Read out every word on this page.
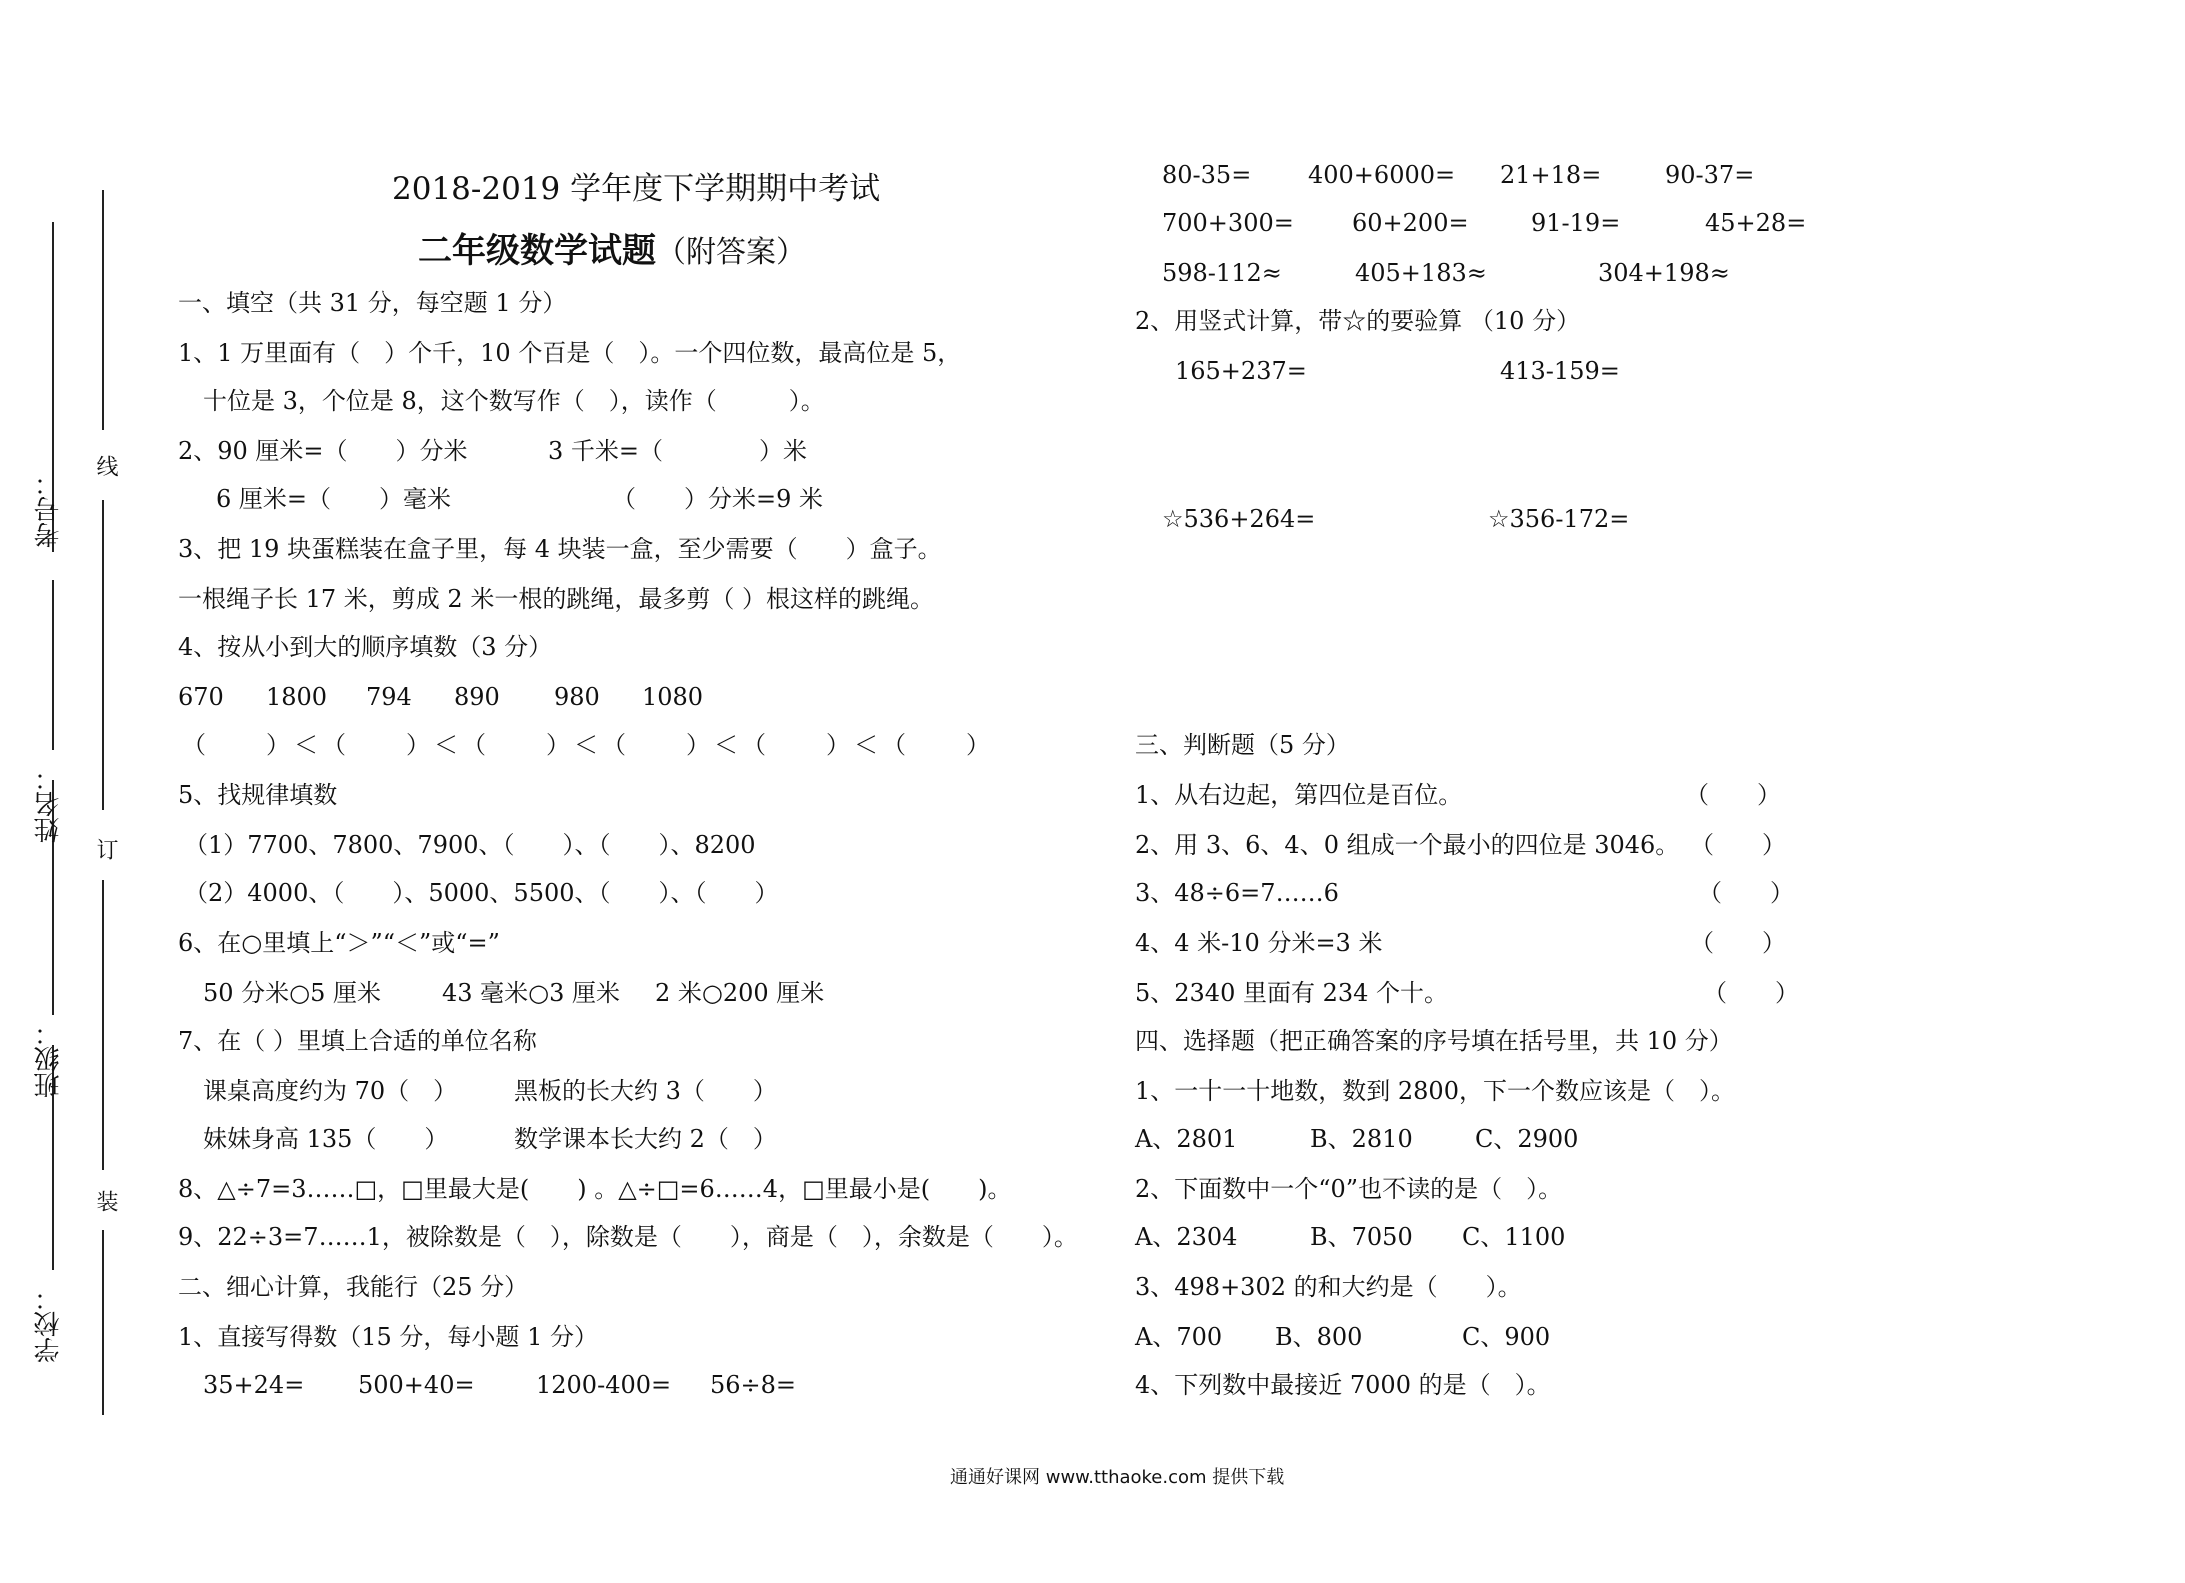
考号：
姓名：
班级：
学校：
线
订
装
2018-2019 学年度下学期期中考试
二年级数学试题（附答案）
一、填空（共 31 分，每空题 1 分）
1、1 万里面有（　）个千，10 个百是（　）。一个四位数，最高位是 5，
十位是 3，个位是 8，这个数写作（　），读作（　　　）。
2、90 厘米=（　　）分米	3 千米=（　　　　）米
6 厘米=（　　）毫米	（　　）分米=9 米
3、把 19 块蛋糕装在盒子里，每 4 块装一盒，至少需要（　　）盒子。
一根绳子长 17 米，剪成 2 米一根的跳绳，最多剪（ ）根这样的跳绳。
4、按从小到大的顺序填数（3 分）
670 1800 794 890 980 1080
（　　）＜（　　）＜（　　）＜（　　）＜（　　）＜（　　）
5、找规律填数
（1）7700、7800、7900、（　　）、（　　）、8200
（2）4000、（　　）、5000、5500、（　　）、（　　）
6、在○里填上“＞”“＜”或“=”
50 分米○5 厘米	43 毫米○3 厘米 2 米○200 厘米
7、在（ ）里填上合适的单位名称
课桌高度约为 70（　） 黑板的长大约 3（　　）
妹妹身高 135（　　）	数学课本长大约 2（　）
8、△÷7=3……□，□里最大是(　　) 。△÷□=6……4，□里最小是(　　)。
9、22÷3=7……1，被除数是（　），除数是（　　），商是（　），余数是（　　）。
二、细心计算，我能行（25 分）
1、直接写得数（15 分，每小题 1 分）
35+24= 500+40=	1200-400= 56÷8=
80-35= 400+6000= 21+18=	90-37=
700+300= 60+200=	91-19=	45+28=
598-112≈	405+183≈	304+198≈
2、用竖式计算，带☆的要验算 （10 分）
165+237=	413-159=
☆536+264=	☆356-172=
三、判断题（5 分）
1、从右边起，第四位是百位。	（　　）
2、用 3、6、4、0 组成一个最小的四位是 3046。 （　　）
3、48÷6=7……6	（　　）
4、4 米-10 分米=3 米	（　　）
5、2340 里面有 234 个十。	（　　）
四、选择题（把正确答案的序号填在括号里，共 10 分）
1、一十一十地数，数到 2800，下一个数应该是（　）。
A、2801	B、2810	C、2900
2、下面数中一个“0”也不读的是（　）。
A、2304	B、7050 C、1100
3、498+302 的和大约是（　　）。
A、700 B、800	C、900
4、下列数中最接近 7000 的是（　）。
通通好课网 www.tthaoke.com 提供下载
